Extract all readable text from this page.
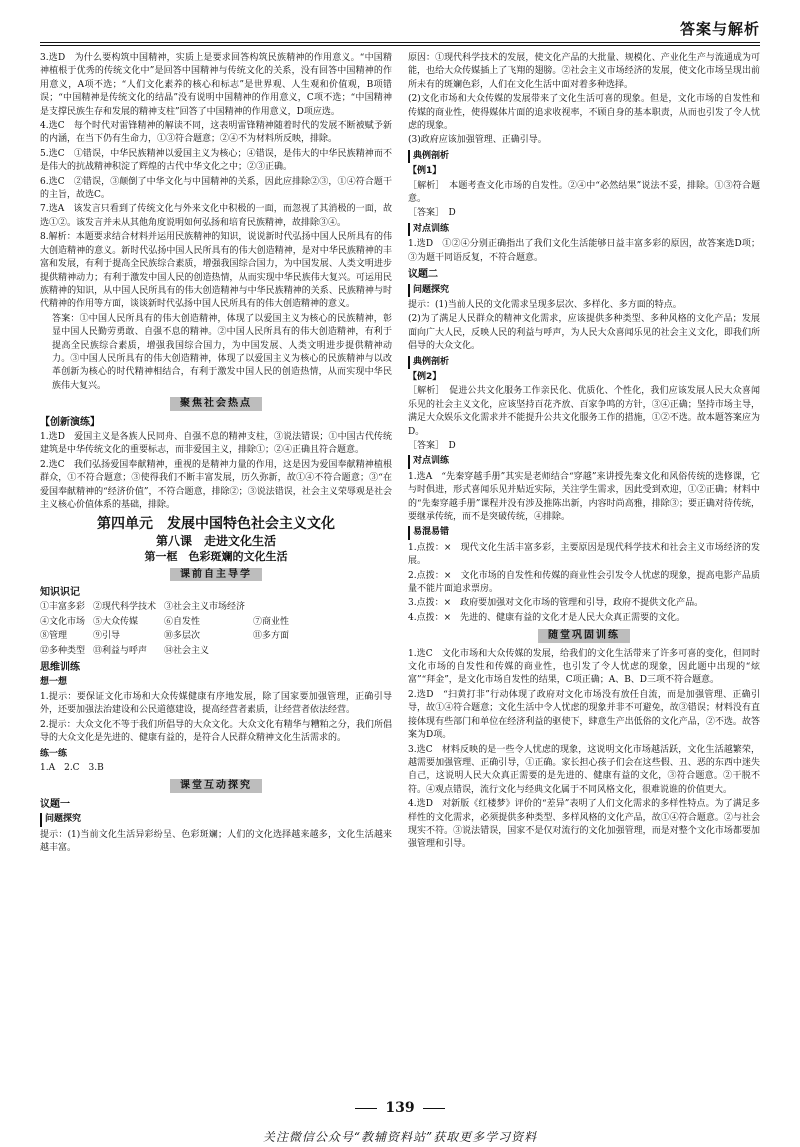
答案与解析

3.选D　为什么要构筑中国精神，实质上是要求回答构筑民族精神的作用意义。“中国精神植根于优秀的传统文化中”是回答中国精神与传统文化的关系，没有回答中国精神的作用意义，A项不选；“人们文化素养的核心和标志”是世界观、人生观和价值观，B项错误；“中国精神是传统文化的结晶”没有说明中国精神的作用意义，C项不选；“中国精神是支撑民族生存和发展的精神支柱”回答了中国精神的作用意义，D项应选。

4.选C　每个时代对雷锋精神的解读不同，这表明雷锋精神随着时代的发展不断被赋予新的内涵，在当下仍有生命力，①③符合题意；②④不为材料所反映，排除。

5.选C　①错误，中华民族精神以爱国主义为核心；④错误，是伟大的中华民族精神而不是伟大的抗战精神积淀了辉煌的古代中华文化之中；②③正确。

6.选C　②错误，③颠倒了中华文化与中国精神的关系，因此应排除②③，①④符合题干的主旨，故选C。

7.选A　该发言只看到了传统文化与外来文化中积极的一面，而忽视了其消极的一面，故选①②。该发言并未从其他角度说明如何弘扬和培育民族精神，故排除③④。

8.解析：本题要求结合材料并运用民族精神的知识，说说新时代弘扬中国人民所具有的伟大创造精神的意义。新时代弘扬中国人民所具有的伟大创造精神，是对中华民族精神的丰富和发展，有利于提高全民族综合素质，增强我国综合国力，为中国发展、人类文明进步提供精神动力；有利于激发中国人民的创造热情，从而实现中华民族伟大复兴。可运用民族精神的知识，从中国人民所具有的伟大创造精神与中华民族精神的关系、民族精神与时代精神的作用等方面，谈谈新时代弘扬中国人民所具有的伟大创造精神的意义。

答案：①中国人民所具有的伟大创造精神，体现了以爱国主义为核心的民族精神，彰显中国人民勤劳勇敢、自强不息的精神。②中国人民所具有的伟大创造精神，有利于提高全民族综合素质，增强我国综合国力，为中国发展、人类文明进步提供精神动力。③中国人民所具有的伟大创造精神，体现了以爱国主义为核心的民族精神与以改革创新为核心的时代精神相结合，有利于激发中国人民的创造热情，从而实现中华民族伟大复兴。

聚焦社会热点
【创新演练】

1.选D　爱国主义是各族人民同舟、自强不息的精神支柱，③说法错误；①中国古代传统建筑是中华传统文化的重要标志，而非爱国主义，排除①；②④正确且符合题意。

2.选C　我们弘扬爱国奉献精神，重视的是精神力量的作用，这是因为爱国奉献精神植根群众，①不符合题意；③使得我们不断丰富发展，历久弥新，故①④不符合题意；③“在爱国奉献精神的“经济价值”，不符合题意，排除②；③说法错误，社会主义荣辱观是社会主义核心价值体系的基础，排除。

第四单元　发展中国特色社会主义文化
第八课　走进文化生活
第一框　色彩斑斓的文化生活
课前自主导学
知识识记
①丰富多彩 ②现代科学技术 ③社会主义市场经济
④文化市场 ⑤大众传媒	⑥自发性	⑦商业性
⑧管理	⑨引导	⑩多层次	⑪多方面
⑫多种类型 ⑬利益与呼声	⑭社会主义
思维训练
想一想

1.提示：要保证文化市场和大众传媒健康有序地发展，除了国家要加强管理，正确引导外，还要加强法治建设和公民道德建设，提高经营者素质，让经营者依法经营。

2.提示：大众文化不等于我们所倡导的大众文化。大众文化有精华与糟粕之分，我们所倡导的大众文化是先进的、健康有益的，是符合人民群众精神文化生活需求的。

练一练

1.A　2.C　3.B

课堂互动探究
议题一
问题探究

提示：(1)当前文化生活异彩纷呈、色彩斑斓；人们的文化选择越来越多，文化生活越来越丰富。

原因：①现代科学技术的发展，使文化产品的大批量、规模化、产业化生产与流通成为可能，也给大众传媒插上了飞翔的翅膀。②社会主义市场经济的发展，使文化市场呈现出前所未有的斑斓色彩，人们在文化生活中面对着多种选择。

(2)文化市场和大众传媒的发展带来了文化生活可喜的现象。但是，文化市场的自发性和传媒的商业性，使得媒体片面的追求收视率，不顾自身的基本职责，从而也引发了令人忧虑的现象。

(3)政府应该加强管理、正确引导。

典例剖析
【例1】

［解析］　本题考查文化市场的自发性。②④中“必然结果”说法不妥，排除。①③符合题意。

［答案］　D

对点训练

1.选D　①②④分别正确指出了我们文化生活能够日益丰富多彩的原因，故答案选D项；③为题干同语反复，不符合题意。

议题二
问题探究

提示：(1)当前人民的文化需求呈现多层次、多样化、多方面的特点。

(2)为了满足人民群众的精神文化需求，应该提供多种类型、多种风格的文化产品；发展面向广大人民，反映人民的利益与呼声，为人民大众喜闻乐见的社会主义文化，即我们所倡导的大众文化。

典例剖析
【例2】

［解析］　促进公共文化服务工作亲民化、优质化、个性化，我们应该发展人民大众喜闻乐见的社会主义文化，应该坚持百花齐放、百家争鸣的方针，③④正确；坚持市场主导，满足大众娱乐文化需求并不能提升公共文化服务工作的措施，①②不选。故本题答案应为D。

［答案］　D

对点训练

1.选A　“先秦穿越手册”其实是老师结合“穿越”来讲授先秦文化和风俗传统的选修课，它与时俱进，形式喜闻乐见并贴近实际，关注学生需求，因此受到欢迎，①②正确；材料中的“先秦穿越手册”课程并没有涉及推陈出新，内容时尚高雅，排除③；要正确对待传统，要继承传统，而不是突破传统，④排除。

易混易错

1.点拨：×　现代文化生活丰富多彩，主要原因是现代科学技术和社会主义市场经济的发展。

2.点拨：×　文化市场的自发性和传媒的商业性会引发令人忧虑的现象，提高电影产品质量不能片面追求票房。

3.点拨：×　政府要加强对文化市场的管理和引导，政府不提供文化产品。

4.点拨：×　先进的、健康有益的文化才是人民大众真正需要的文化。

随堂巩固训练

1.选C　文化市场和大众传媒的发展，给我们的文化生活带来了许多可喜的变化，但同时文化市场的自发性和传媒的商业性，也引发了令人忧虑的现象，因此题中出现的“炫富”“拜金”，是文化市场自发性的结果，C项正确；A、B、D三项不符合题意。

2.选D　“扫黄打非”行动体现了政府对文化市场没有放任自流，而是加强管理、正确引导，故①④符合题意；文化生活中令人忧虑的现象并非不可避免，故③错误；材料没有直接体现有些部门和单位在经济利益的驱使下，肆意生产出低俗的文化产品，②不选。故答案为D项。

3.选C　材料反映的是一些令人忧虑的现象，这说明文化市场越活跃，文化生活越繁荣，越需要加强管理、正确引导，①正确。家长担心孩子们会在这些假、丑、恶的东西中迷失自己，这说明人民大众真正需要的是先进的、健康有益的文化，③符合题意。②干脱不符。④观点错误，流行文化与经典文化属于不同风格文化，很难说谁的价值更大。

4.选D　对新版《红楼梦》评价的“差异”表明了人们文化需求的多样性特点。为了满足多样性的文化需求，必须提供多种类型、多样风格的文化产品，故①④符合题意。②与社会现实不符。③说法错误，国家不是仅对流行的文化加强管理，而是对整个文化市场都要加强管理和引导。

139
关注微信公众号“教辅资料站”获取更多学习资料
